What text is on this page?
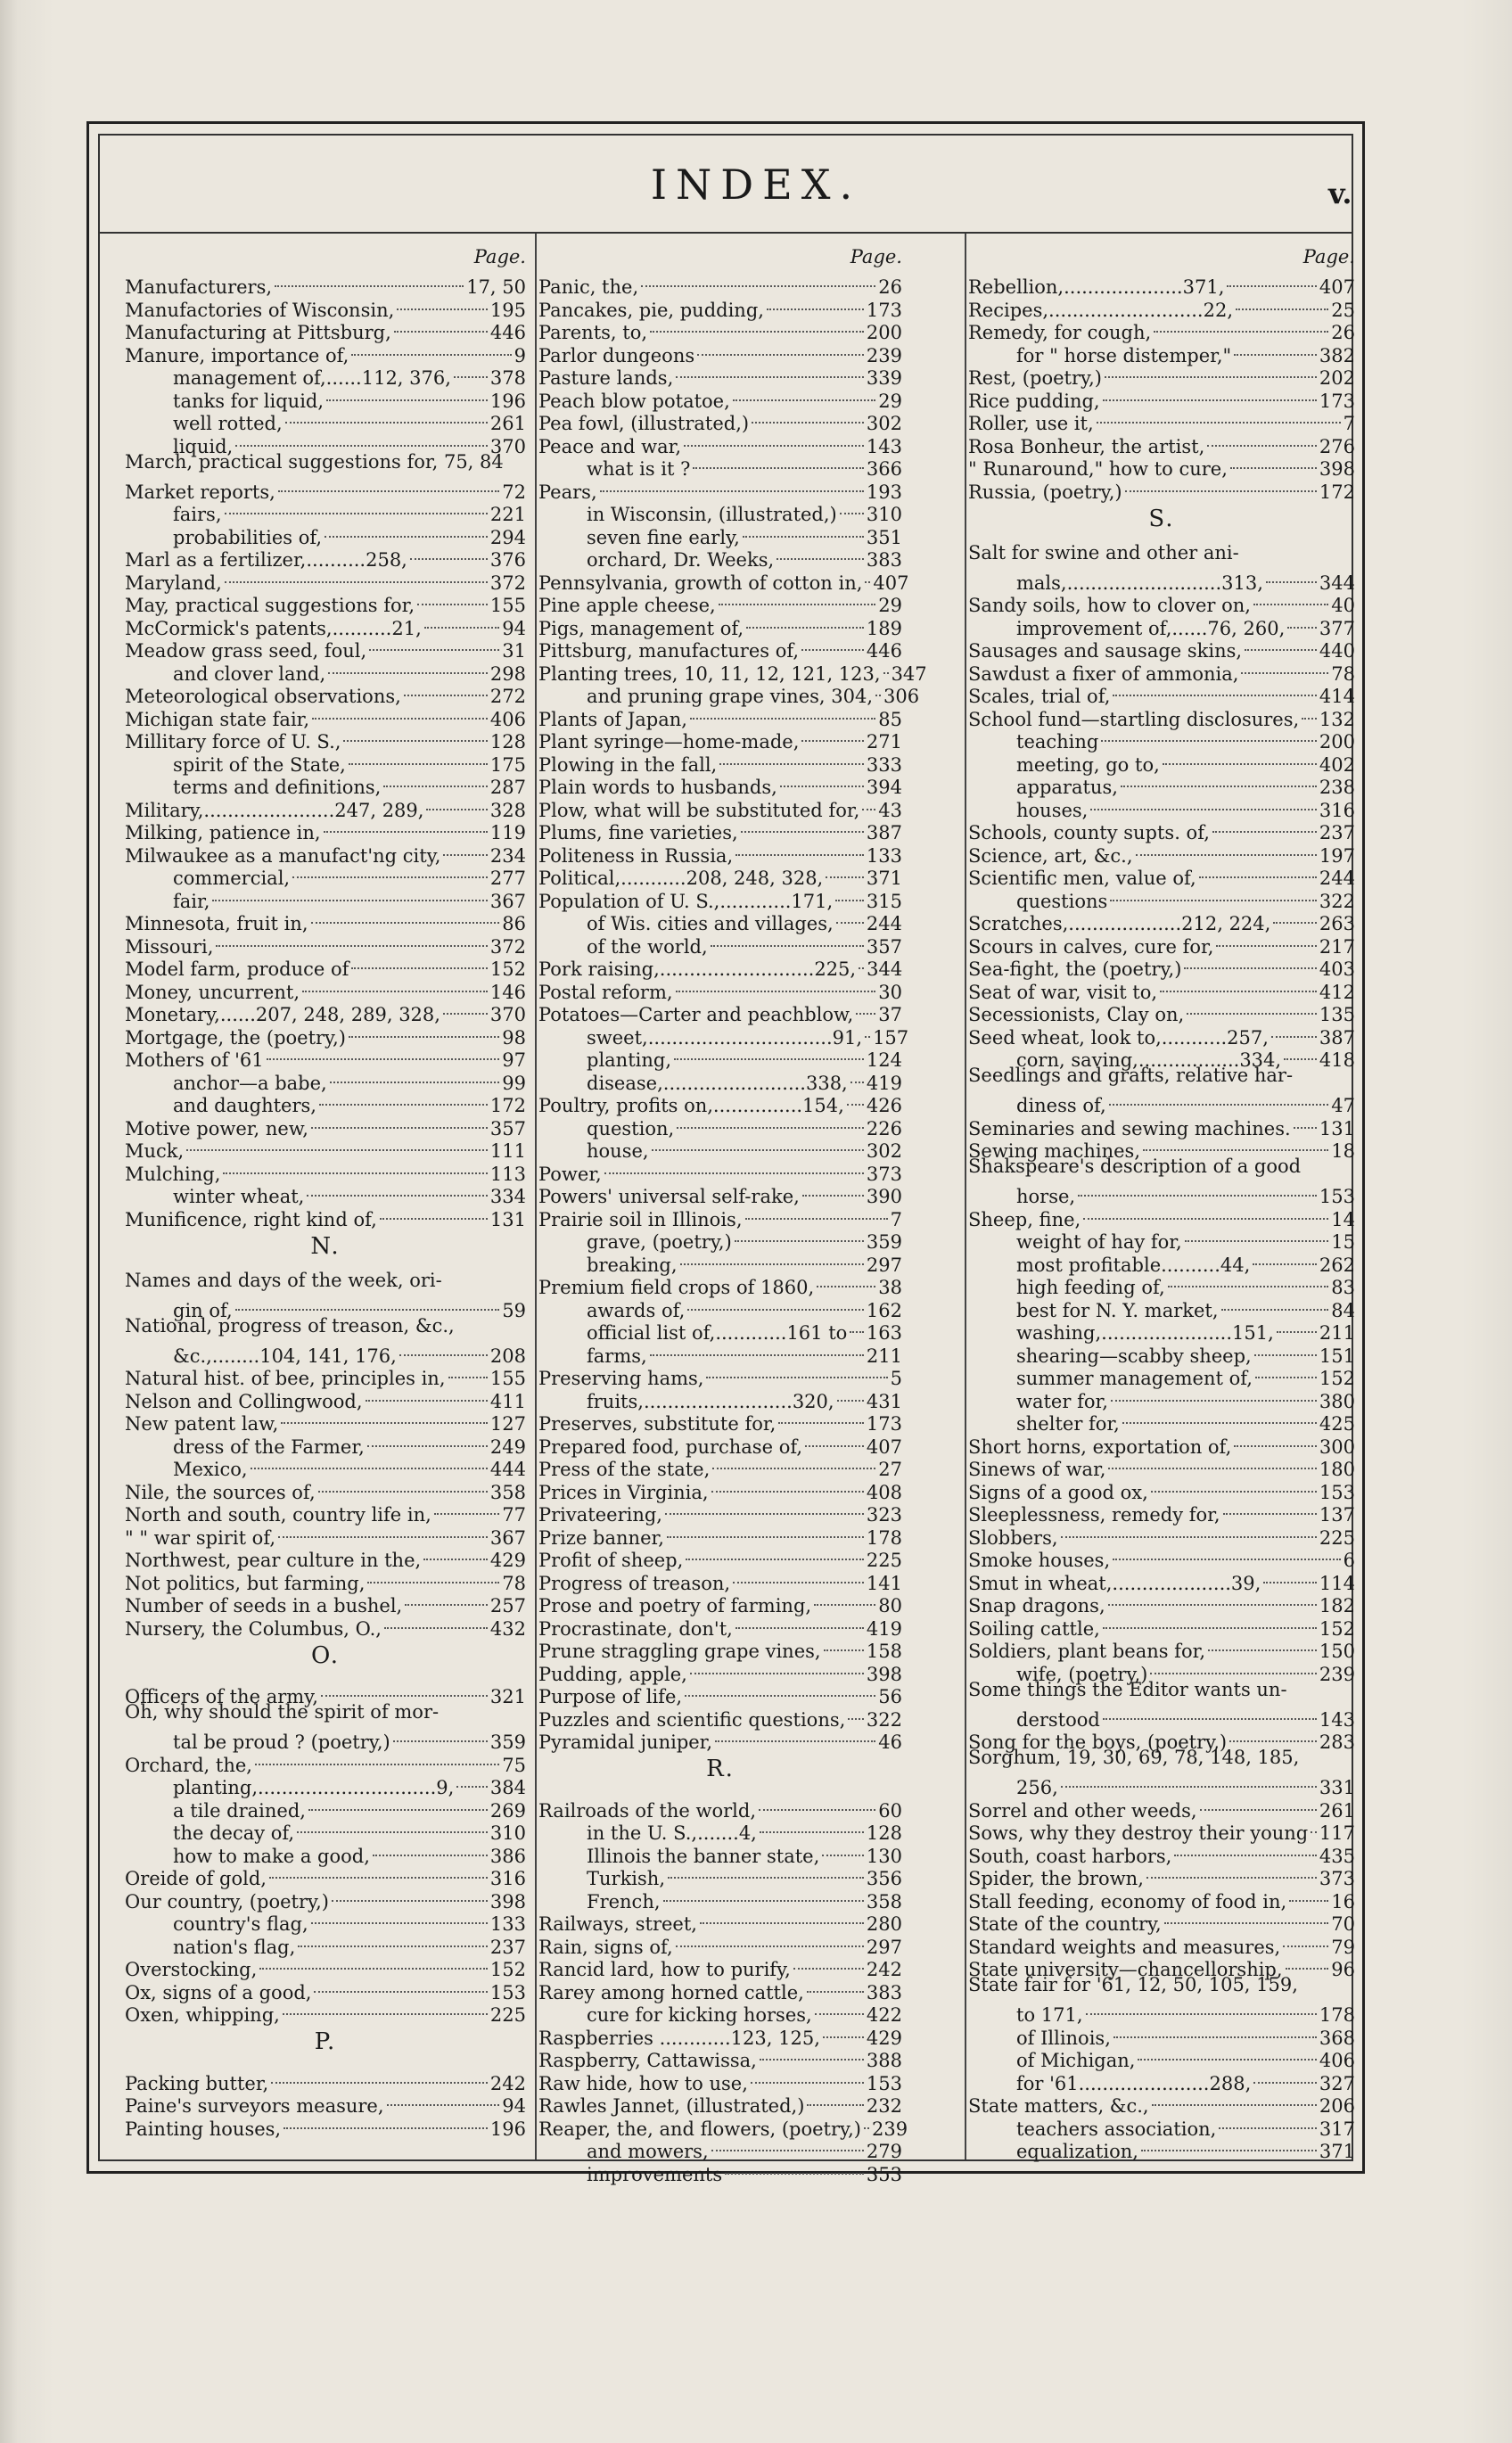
INDEX.	v.
Page.
Manufacturers,	17, 50
Manufactories of Wisconsin,	195
Manufacturing at Pittsburg,	446
Manure, importance of,	9
management of,......112, 376, 378
tanks for liquid,	196
well rotted,	261
liquid,	370
March, practical suggestions for, 75, 84
Market reports,	72
fairs,	221
probabilities of,	294
Marl as a fertilizer,..........258,	376
Maryland,	372
May, practical suggestions for,	155
McCormick's patents,..........21,	94
Meadow grass seed, foul,	31
and clover land,	298
Meteorological observations,	272
Michigan state fair,	406
Millitary force of U. S.,	128
spirit of the State,	175
terms and definitions,	287
Military,......................247, 289,	328
Milking, patience in,	119
Milwaukee as a manufact'ng city,	234
commercial,	277
fair,	367
Minnesota, fruit in,	86
Missouri,	372
Model farm, produce of	152
Money, uncurrent,	146
Monetary,......207, 248, 289, 328,	370
Mortgage, the (poetry,)	98
Mothers of '61	97
anchor—a babe,	99
and daughters,	172
Motive power, new,	357
Muck,	111
Mulching,	113
winter wheat,	334
Munificence, right kind of,	131
N.
Names and days of the week, ori-
gin of,	59
National, progress of treason, &c.,
&c.,........104, 141, 176,	208
Natural hist. of bee, principles in, 155
Nelson and Collingwood,	411
New patent law,	127
dress of the Farmer,	249
Mexico,	444
Nile, the sources of,	358
North and south, country life in,	77
" " war spirit of,	367
Northwest, pear culture in the,	429
Not politics, but farming,	78
Number of seeds in a bushel,	257
Nursery, the Columbus, O.,	432
O.
Officers of the army,	321
Oh, why should the spirit of mor-
tal be proud ? (poetry,)	359
Orchard, the,	75
planting,..............................9, 384
a tile drained,	269
the decay of,	310
how to make a good,	386
Oreide of gold,	316
Our country, (poetry,)	398
country's flag,	133
nation's flag,	237
Overstocking,	152
Ox, signs of a good,	153
Oxen, whipping,	225
P.
Packing butter,	242
Paine's surveyors measure,	94
Painting houses,	196
Page.
Panic, the,	26
Pancakes, pie, pudding,	173
Parents, to,	200
Parlor dungeons	239
Pasture lands,	339
Peach blow potatoe,	29
Pea fowl, (illustrated,)	302
Peace and war,	143
what is it ?	366
Pears,	193
in Wisconsin, (illustrated,) 310
seven fine early,	351
orchard, Dr. Weeks,	383
Pennsylvania, growth of cotton in, 407
Pine apple cheese,	29
Pigs, management of,	189
Pittsburg, manufactures of,	446
Planting trees, 10, 11, 12, 121, 123, 347
and pruning grape vines, 304, 306
Plants of Japan,	85
Plant syringe—home-made,	271
Plowing in the fall,	333
Plain words to husbands,	394
Plow, what will be substituted for, 43
Plums, fine varieties,	387
Politeness in Russia,	133
Political,...........208, 248, 328, 371
Population of U. S.,............171, 315
of Wis. cities and villages, 244
of the world,	357
Pork raising,..........................225, 344
Postal reform,	30
Potatoes—Carter and peachblow, 37
sweet,...............................91, 157
planting,	124
disease,........................338, 419
Poultry, profits on,...............154, 426
question,	226
house,	302
Power,	373
Powers' universal self-rake,	390
Prairie soil in Illinois,	7
grave, (poetry,)	359
breaking,	297
Premium field crops of 1860,	38
awards of,	162
official list of,............161 to 163
farms,	211
Preserving hams,	5
fruits,.........................320, 431
Preserves, substitute for,	173
Prepared food, purchase of,	407
Press of the state,	27
Prices in Virginia,	408
Privateering,	323
Prize banner,	178
Profit of sheep,	225
Progress of treason,	141
Prose and poetry of farming,	80
Procrastinate, don't,	419
Prune straggling grape vines, 158
Pudding, apple,	398
Purpose of life,	56
Puzzles and scientific questions, 322
Pyramidal juniper,	46
R.
Railroads of the world,	60
in the U. S.,.......4,	128
Illinois the banner state,	130
Turkish,	356
French,	358
Railways, street,	280
Rain, signs of,	297
Rancid lard, how to purify,	242
Rarey among horned cattle,	383
cure for kicking horses,	422
Raspberries ............123, 125, 429
Raspberry, Cattawissa,	388
Raw hide, how to use,	153
Rawles Jannet, (illustrated,)	232
Reaper, the, and flowers, (poetry,) 239
and mowers,	279
improvements	353
Page.
Rebellion,....................371,	407
Recipes,..........................22,	25
Remedy, for cough,	26
for " horse distemper,"	382
Rest, (poetry,)	202
Rice pudding,	173
Roller, use it,	7
Rosa Bonheur, the artist,	276
" Runaround," how to cure,	398
Russia, (poetry,)	172
S.
Salt for swine and other ani-
mals,..........................313,	344
Sandy soils, how to clover on,	40
improvement of,......76, 260, 377
Sausages and sausage skins,	440
Sawdust a fixer of ammonia,	78
Scales, trial of,	414
School fund—startling disclosures, 132
teaching	200
meeting, go to,	402
apparatus,	238
houses,	316
Schools, county supts. of,	237
Science, art, &c.,	197
Scientific men, value of,	244
questions	322
Scratches,...................212, 224,	263
Scours in calves, cure for,	217
Sea-fight, the (poetry,)	403
Seat of war, visit to,	412
Secessionists, Clay on,	135
Seed wheat, look to,...........257,	387
corn, saving,.................334, 418
Seedlings and grafts, relative har-
diness of,	47
Seminaries and sewing machines. 131
Sewing machines,	18
Shakspeare's description of a good
horse,	153
Sheep, fine,	14
weight of hay for,	15
most profitable..........44,	262
high feeding of,	83
best for N. Y. market,	84
washing,......................151, 211
shearing—scabby sheep,	151
summer management of,	152
water for,	380
shelter for,	425
Short horns, exportation of,	300
Sinews of war,	180
Signs of a good ox,	153
Sleeplessness, remedy for,	137
Slobbers,	225
Smoke houses,	6
Smut in wheat,....................39,	114
Snap dragons,	182
Soiling cattle,	152
Soldiers, plant beans for,	150
wife, (poetry,)	239
Some things the Editor wants un-
derstood	143
Song for the boys, (poetry,)	283
Sorghum, 19, 30, 69, 78, 148, 185,
256,	331
Sorrel and other weeds,	261
Sows, why they destroy their young 117
South, coast harbors,	435
Spider, the brown,	373
Stall feeding, economy of food in, 16
State of the country,	70
Standard weights and measures,	79
State university—chancellorship,	96
State fair for '61, 12, 50, 105, 159,
to 171,	178
of Illinois,	368
of Michigan,	406
for '61......................288,	327
State matters, &c.,	206
teachers association,	317
equalization,	371
